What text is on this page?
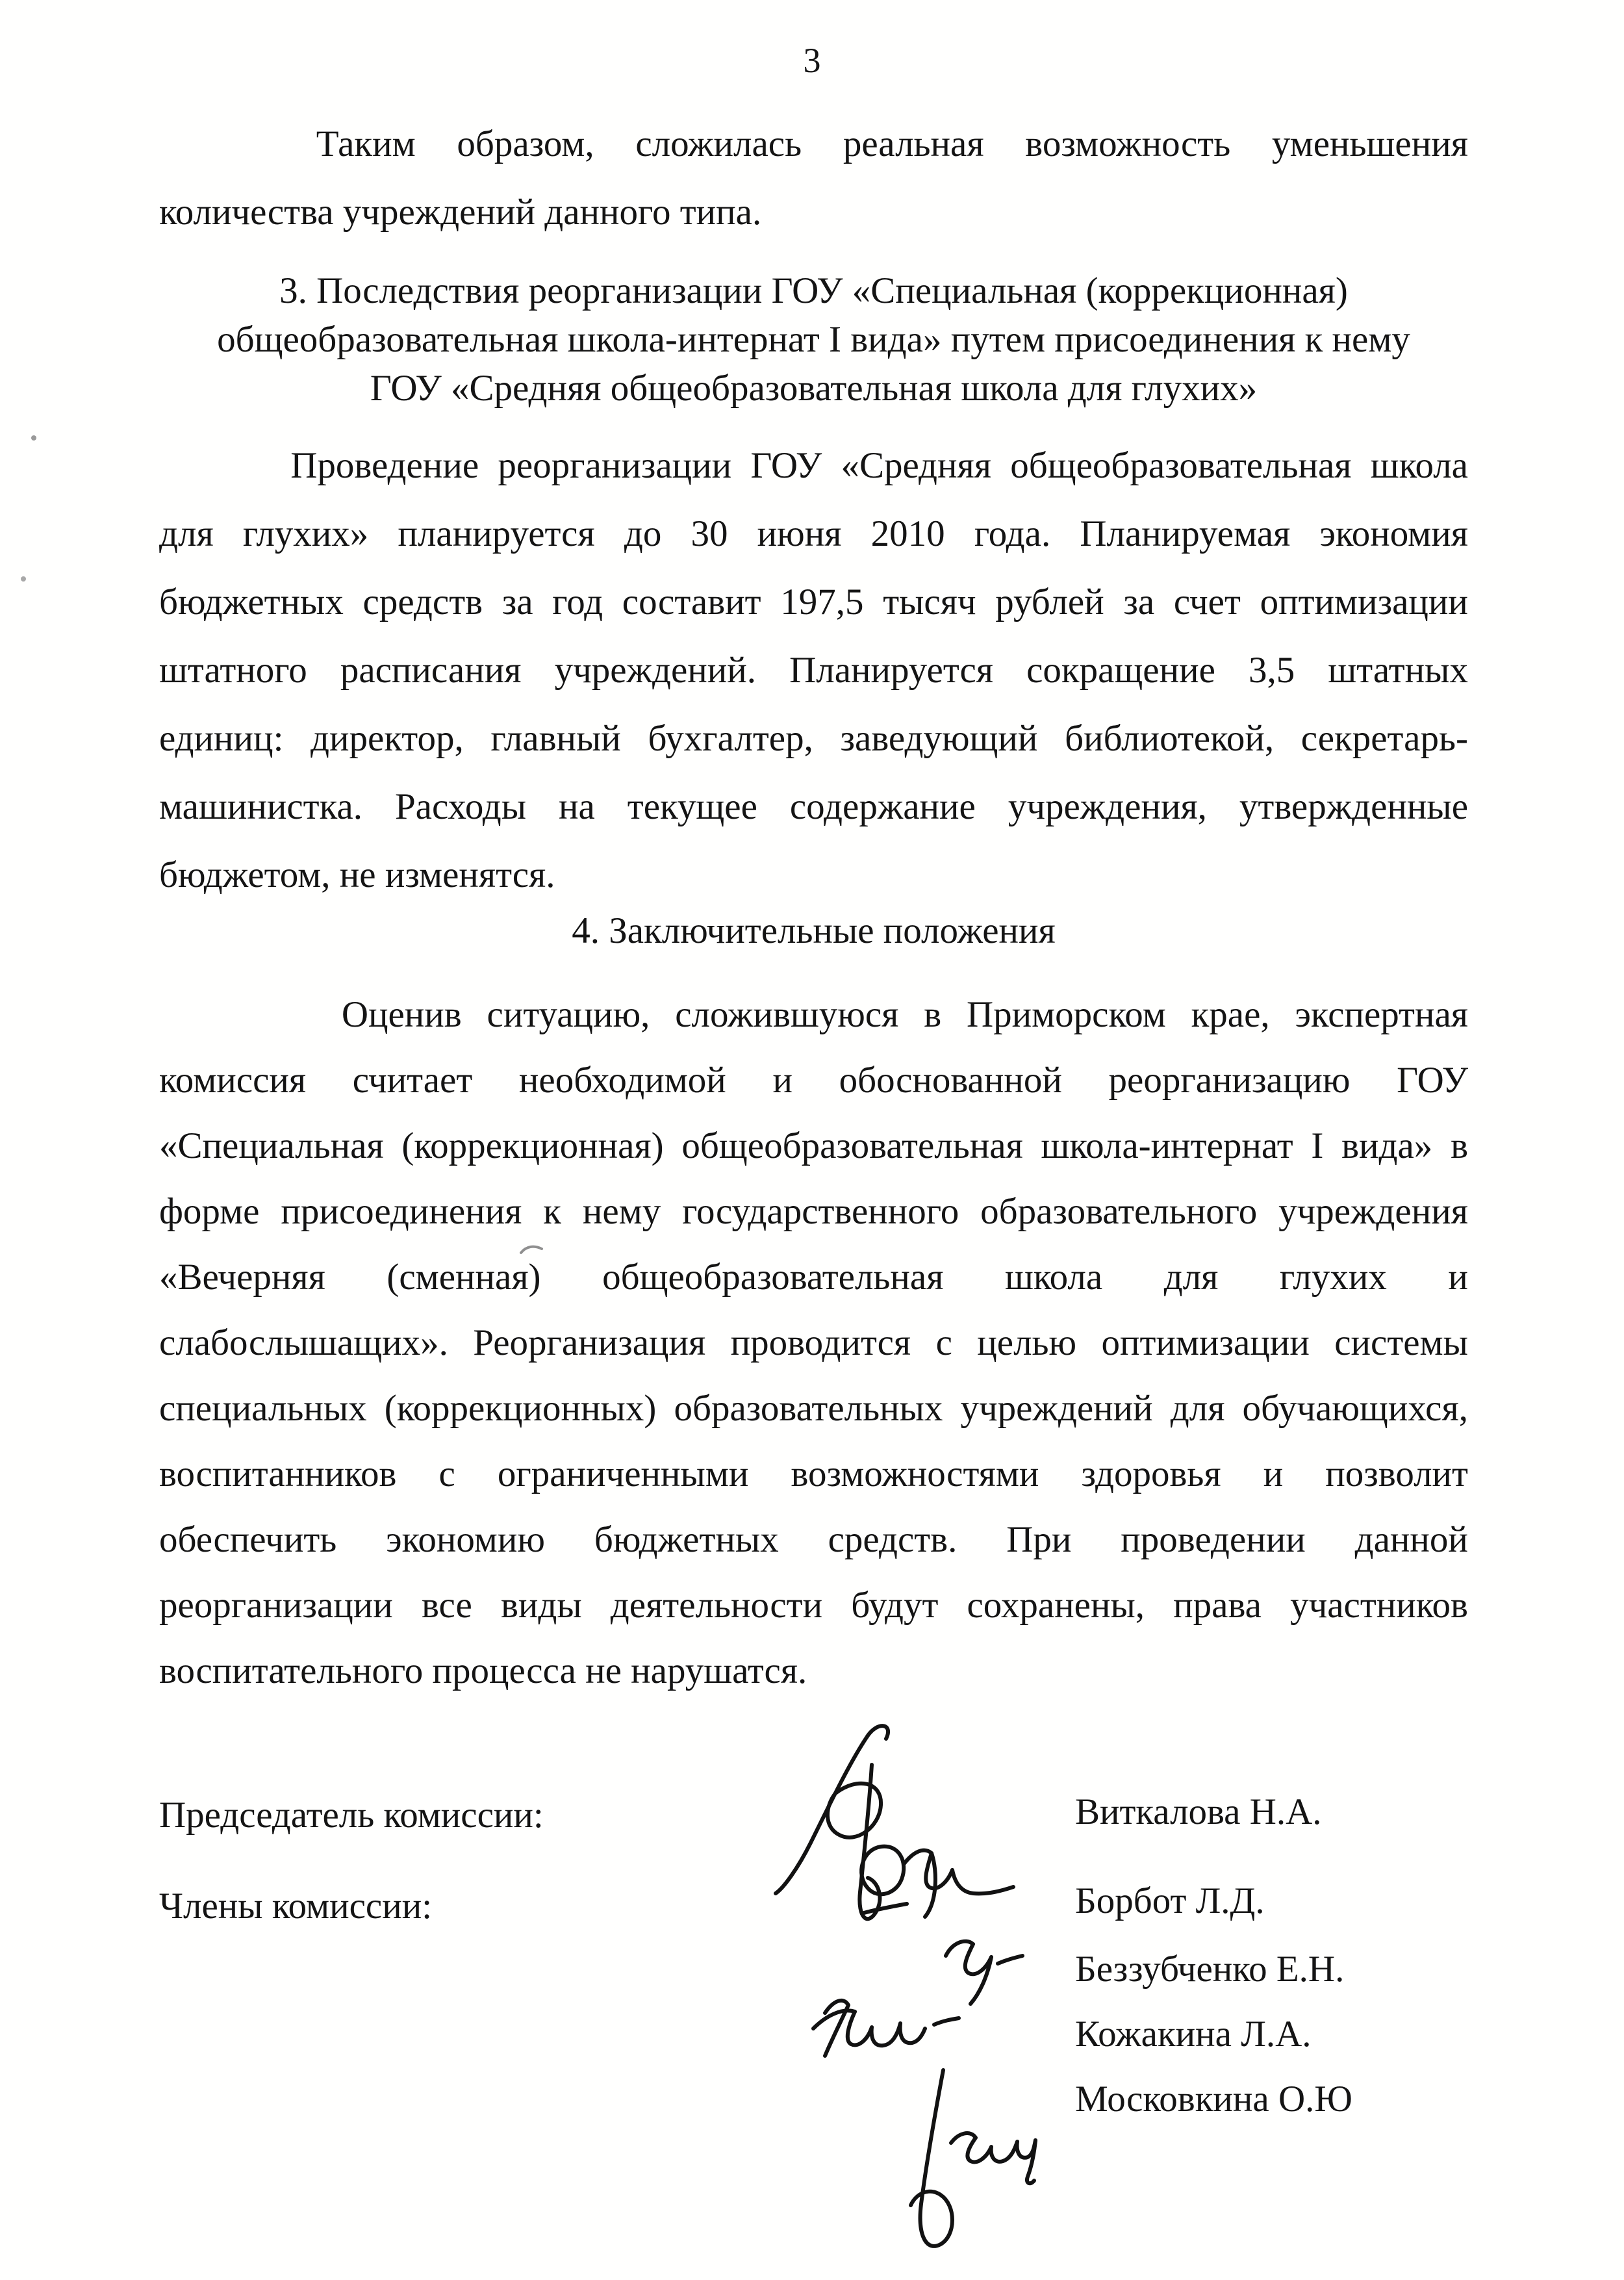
3
Таким образом, сложилась реальная возможность уменьшения
количества учреждений данного типа.
3. Последствия реорганизации ГОУ «Специальная (коррекционная)
общеобразовательная школа-интернат I вида» путем присоединения к нему
ГОУ «Средняя общеобразовательная школа для глухих»
Проведение реорганизации ГОУ «Средняя общеобразовательная школа
для глухих» планируется до 30 июня 2010 года. Планируемая экономия
бюджетных средств за год составит 197,5 тысяч рублей за счет оптимизации
штатного расписания учреждений. Планируется сокращение 3,5 штатных
единиц: директор, главный бухгалтер, заведующий библиотекой, секретарь-
машинистка. Расходы на текущее содержание учреждения, утвержденные
бюджетом, не изменятся.
4. Заключительные положения
Оценив ситуацию, сложившуюся в Приморском крае, экспертная
комиссия считает необходимой и обоснованной реорганизацию ГОУ
«Специальная (коррекционная) общеобразовательная школа-интернат I вида» в
форме присоединения к нему государственного образовательного учреждения
«Вечерняя (сменная) общеобразовательная школа для глухих и
слабослышащих». Реорганизация проводится с целью оптимизации системы
специальных (коррекционных) образовательных учреждений для обучающихся,
воспитанников с ограниченными возможностями здоровья и позволит
обеспечить экономию бюджетных средств. При проведении данной
реорганизации все виды деятельности будут сохранены, права участников
воспитательного процесса не нарушатся.
Председатель комиссии:
Члены комиссии:
Виткалова Н.А.
Борбот Л.Д.
Беззубченко Е.Н.
Кожакина Л.А.
Московкина О.Ю
